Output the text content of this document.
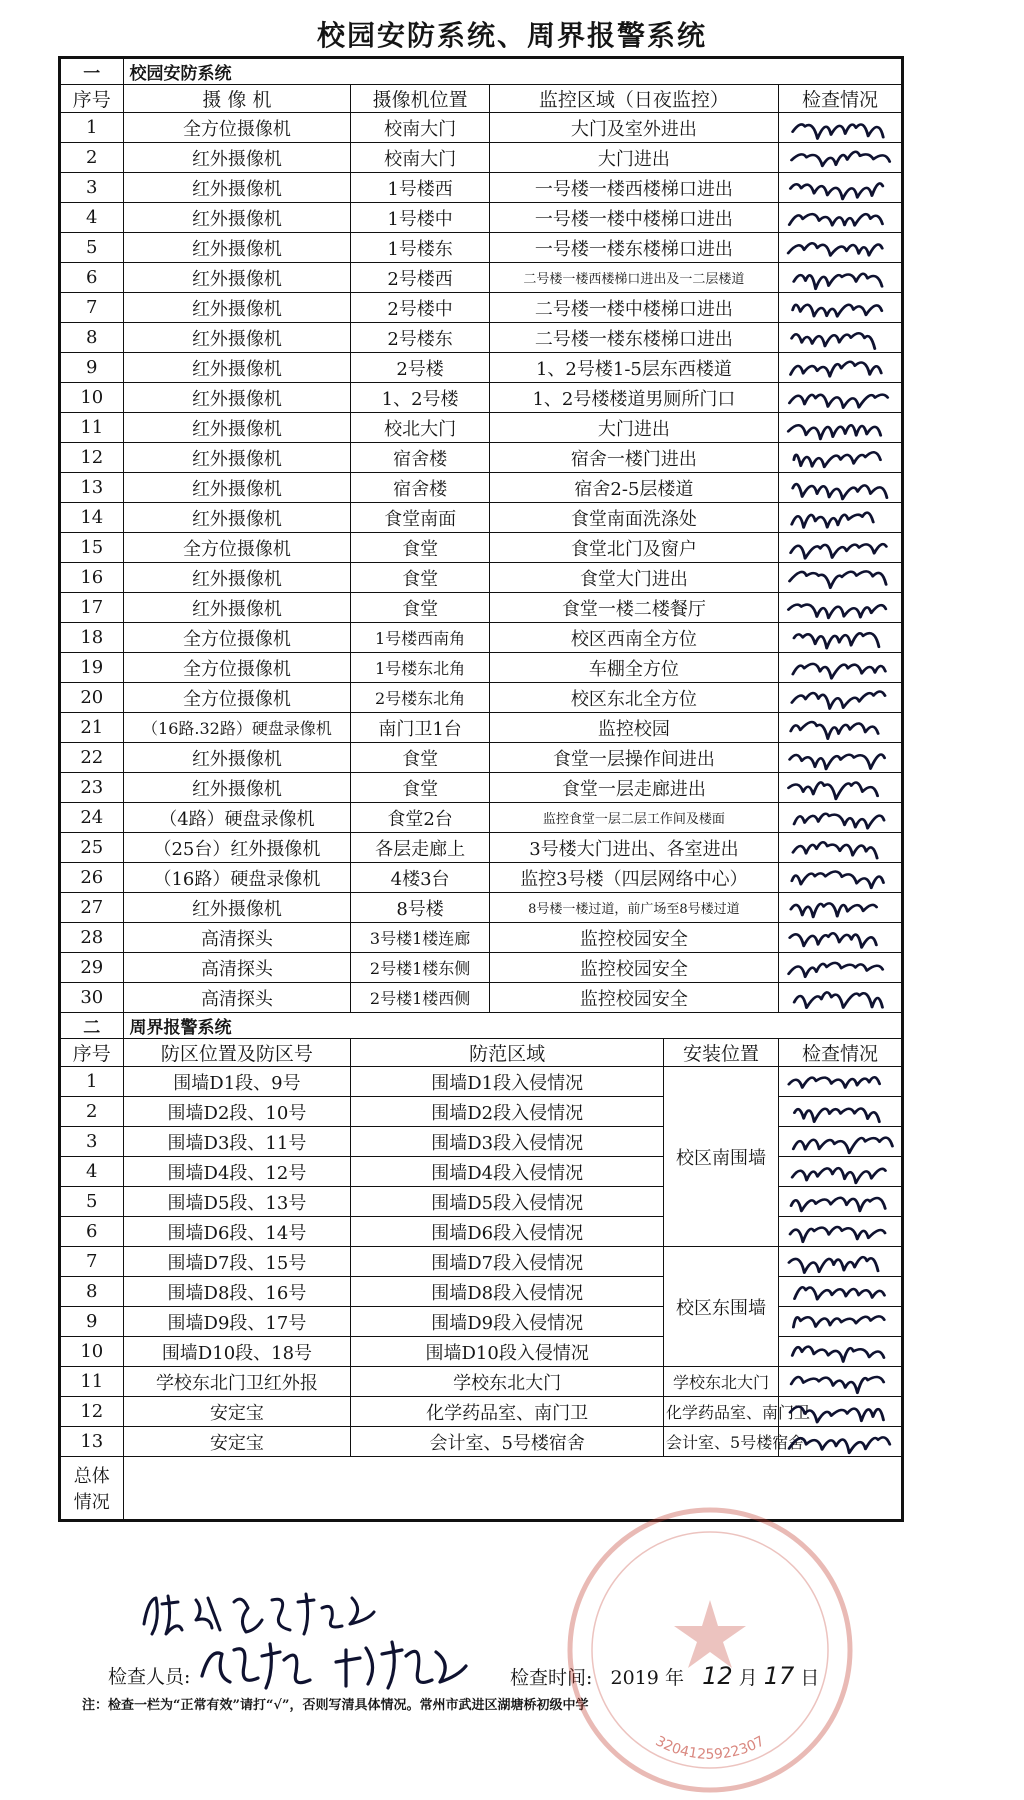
校园安防系统、周界报警系统
一	校园安防系统				
序号	摄 像 机	摄像机位置	监控区域（日夜监控）		检查情况
1	全方位摄像机	校南大门	大门及室外进出	

2	红外摄像机	校南大门	大门进出	

3	红外摄像机	1号楼西	一号楼一楼西楼梯口进出	

4	红外摄像机	1号楼中	一号楼一楼中楼梯口进出	

5	红外摄像机	1号楼东	一号楼一楼东楼梯口进出	

6	红外摄像机	2号楼西	二号楼一楼西楼梯口进出及一二层楼道	

7	红外摄像机	2号楼中	二号楼一楼中楼梯口进出	

8	红外摄像机	2号楼东	二号楼一楼东楼梯口进出	

9	红外摄像机	2号楼	1、2号楼1-5层东西楼道	

10	红外摄像机	1、2号楼	1、2号楼楼道男厕所门口	

11	红外摄像机	校北大门	大门进出	

12	红外摄像机	宿舍楼	宿舍一楼门进出	

13	红外摄像机	宿舍楼	宿舍2-5层楼道	

14	红外摄像机	食堂南面	食堂南面洗涤处	

15	全方位摄像机	食堂	食堂北门及窗户	

16	红外摄像机	食堂	食堂大门进出	

17	红外摄像机	食堂	食堂一楼二楼餐厅	

18	全方位摄像机	1号楼西南角	校区西南全方位	

19	全方位摄像机	1号楼东北角	车棚全方位	

20	全方位摄像机	2号楼东北角	校区东北全方位	

21	（16路.32路）硬盘录像机	南门卫1台	监控校园	

22	红外摄像机	食堂	食堂一层操作间进出	

23	红外摄像机	食堂	食堂一层走廊进出	

24	（4路）硬盘录像机	食堂2台	监控食堂一层二层工作间及楼面	

25	（25台）红外摄像机	各层走廊上	3号楼大门进出、各室进出	

26	（16路）硬盘录像机	4楼3台	监控3号楼（四层网络中心）	

27	红外摄像机	8号楼	8号楼一楼过道，前广场至8号楼过道	

28	高清探头	3号楼1楼连廊	监控校园安全	

29	高清探头	2号楼1楼东侧	监控校园安全	

30	高清探头	2号楼1楼西侧	监控校园安全	

二	周界报警系统				
序号	防区位置及防区号	防范区域		安装位置	检查情况
1	围墙D1段、9号	围墙D1段入侵情况		校区南围墙	

2	围墙D2段、10号	围墙D2段入侵情况	

3	围墙D3段、11号	围墙D3段入侵情况	

4	围墙D4段、12号	围墙D4段入侵情况	

5	围墙D5段、13号	围墙D5段入侵情况	

6	围墙D6段、14号	围墙D6段入侵情况	

7	围墙D7段、15号	围墙D7段入侵情况		校区东围墙	

8	围墙D8段、16号	围墙D8段入侵情况	

9	围墙D9段、17号	围墙D9段入侵情况	

10	围墙D10段、18号	围墙D10段入侵情况	

11	学校东北门卫红外报	学校东北大门		学校东北大门	

12	安定宝	化学药品室、南门卫		化学药品室、南门卫	

13	安定宝	会计室、5号楼宿舍		会计室、5号楼宿舍	

总体
情况					

检查人员:	检查时间: 2019 年 12 月 17 日
注：检查一栏为“正常有效”请打“√”，否则写清具体情况。常州市武进区湖塘桥初级中学
3204125922307
